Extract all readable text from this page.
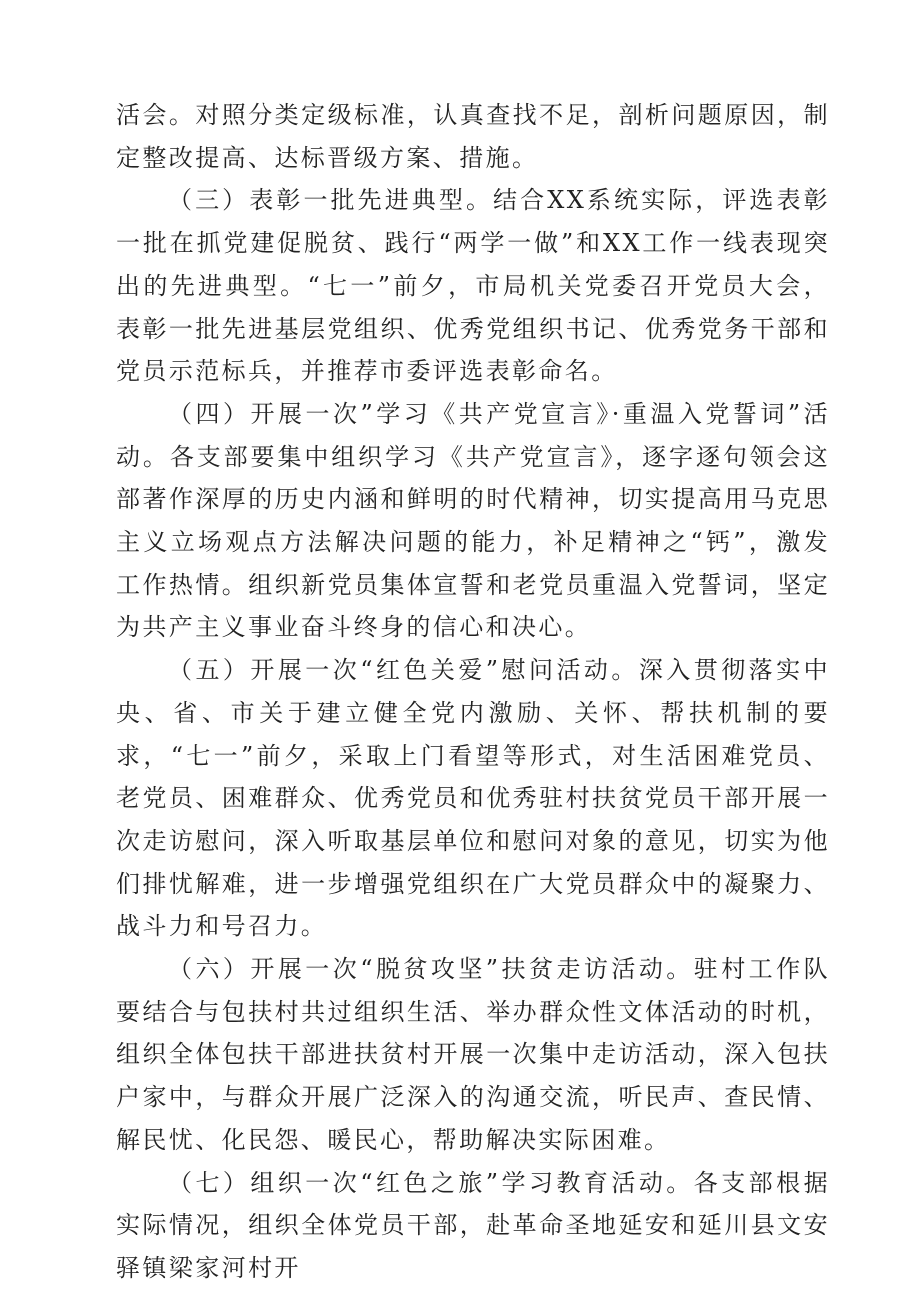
活会。对照分类定级标准，认真查找不足，剖析问题原因，制定整改提高、达标晋级方案、措施。

（三）表彰一批先进典型。结合XX系统实际，评选表彰一批在抓党建促脱贫、践行“两学一做”和XX工作一线表现突出的先进典型。“七一”前夕，市局机关党委召开党员大会，表彰一批先进基层党组织、优秀党组织书记、优秀党务干部和党员示范标兵，并推荐市委评选表彰命名。

（四）开展一次”学习《共产党宣言》·重温入党誓词”活动。各支部要集中组织学习《共产党宣言》，逐字逐句领会这部著作深厚的历史内涵和鲜明的时代精神，切实提高用马克思主义立场观点方法解决问题的能力，补足精神之“钙”，激发工作热情。组织新党员集体宣誓和老党员重温入党誓词，坚定为共产主义事业奋斗终身的信心和决心。

（五）开展一次“红色关爱”慰问活动。深入贯彻落实中央、省、市关于建立健全党内激励、关怀、帮扶机制的要求，“七一”前夕，采取上门看望等形式，对生活困难党员、老党员、困难群众、优秀党员和优秀驻村扶贫党员干部开展一次走访慰问，深入听取基层单位和慰问对象的意见，切实为他们排忧解难，进一步增强党组织在广大党员群众中的凝聚力、战斗力和号召力。

（六）开展一次“脱贫攻坚”扶贫走访活动。驻村工作队要结合与包扶村共过组织生活、举办群众性文体活动的时机，组织全体包扶干部进扶贫村开展一次集中走访活动，深入包扶户家中，与群众开展广泛深入的沟通交流，听民声、查民情、解民忧、化民怨、暖民心，帮助解决实际困难。

（七）组织一次“红色之旅”学习教育活动。各支部根据实际情况，组织全体党员干部，赴革命圣地延安和延川县文安驿镇梁家河村开
